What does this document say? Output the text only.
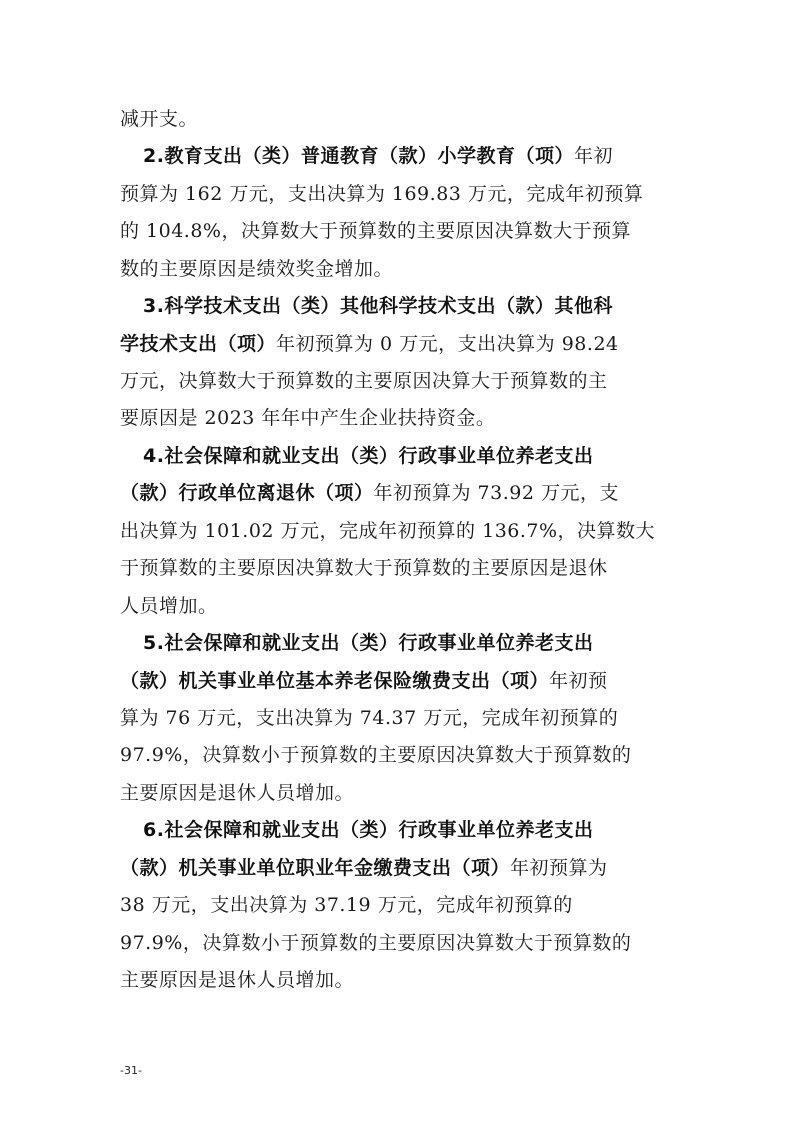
减开支。
2.教育支出（类）普通教育（款）小学教育（项）年初
预算为 162 万元，支出决算为 169.83 万元，完成年初预算
的 104.8%，决算数大于预算数的主要原因决算数大于预算
数的主要原因是绩效奖金增加。
3.科学技术支出（类）其他科学技术支出（款）其他科
学技术支出（项）年初预算为 0 万元，支出决算为 98.24
万元，决算数大于预算数的主要原因决算大于预算数的主
要原因是 2023 年年中产生企业扶持资金。
4.社会保障和就业支出（类）行政事业单位养老支出
（款）行政单位离退休（项）年初预算为 73.92 万元，支
出决算为 101.02 万元，完成年初预算的 136.7%，决算数大
于预算数的主要原因决算数大于预算数的主要原因是退休
人员增加。
5.社会保障和就业支出（类）行政事业单位养老支出
（款）机关事业单位基本养老保险缴费支出（项）年初预
算为 76 万元，支出决算为 74.37 万元，完成年初预算的
97.9%，决算数小于预算数的主要原因决算数大于预算数的
主要原因是退休人员增加。
6.社会保障和就业支出（类）行政事业单位养老支出
（款）机关事业单位职业年金缴费支出（项）年初预算为
38 万元，支出决算为 37.19 万元，完成年初预算的
97.9%，决算数小于预算数的主要原因决算数大于预算数的
主要原因是退休人员增加。
-31-
